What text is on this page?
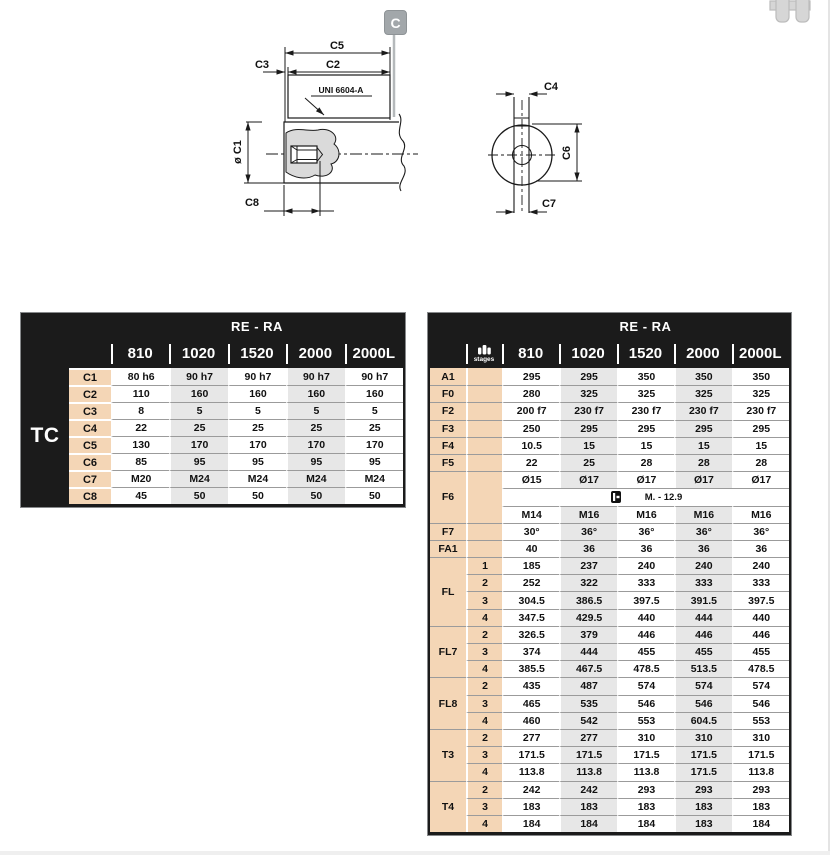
C5
C3	C2
UNI 6604-A
ø C1
C8
C4
C6
C7
C
		RE - RA				
		810	1020	1520	2000	2000L
TC	C1	80 h6	90 h7	90 h7	90 h7	90 h7
	C2	110	160	160	160	160
	C3	8	5	5	5	5
	C4	22	25	25	25	25
	C5	130	170	170	170	170
	C6	85	95	95	95	95
	C7	M20	M24	M24	M24	M24
	C8	45	50	50	50	50
		RE - RA				

	stages	810	1020	1520	2000	2000L
A1		295	295	350	350	350
F0		280	325	325	325	325
F2		200 f7	230 f7	230 f7	230 f7	230 f7
F3		250	295	295	295	295
F4		10.5	15	15	15	15
F5		22	25	28	28	28
F6		Ø15	Ø17	Ø17	Ø17	Ø17

		M. - 12.9				

		M14	M16	M16	M16	M16
F7		30°	36°	36°	36°	36°
FA1		40	36	36	36	36
FL	1	185	237	240	240	240
	2	252	322	333	333	333
	3	304.5	386.5	397.5	391.5	397.5
	4	347.5	429.5	440	444	440
FL7	2	326.5	379	446	446	446
	3	374	444	455	455	455
	4	385.5	467.5	478.5	513.5	478.5
FL8	2	435	487	574	574	574
	3	465	535	546	546	546
	4	460	542	553	604.5	553
T3	2	277	277	310	310	310
	3	171.5	171.5	171.5	171.5	171.5
	4	113.8	113.8	113.8	171.5	113.8
T4	2	242	242	293	293	293
	3	183	183	183	183	183
	4	184	184	184	183	184
